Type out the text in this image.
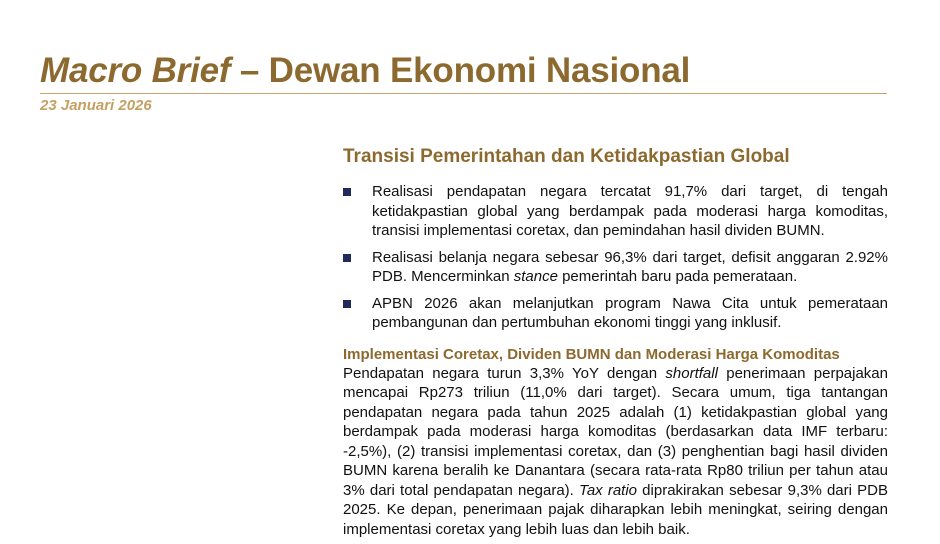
Macro Brief – Dewan Ekonomi Nasional
23 Januari 2026
Transisi Pemerintahan dan Ketidakpastian Global
Realisasi pendapatan negara tercatat 91,7% dari target, di tengah ketidakpastian global yang berdampak pada moderasi harga komoditas, transisi implementasi coretax, dan pemindahan hasil dividen BUMN.
Realisasi belanja negara sebesar 96,3% dari target, defisit anggaran 2.92% PDB. Mencerminkan stance pemerintah baru pada pemerataan.
APBN 2026 akan melanjutkan program Nawa Cita untuk pemerataan pembangunan dan pertumbuhan ekonomi tinggi yang inklusif.
Implementasi Coretax, Dividen BUMN dan Moderasi Harga Komoditas

Pendapatan negara turun 3,3% YoY dengan shortfall penerimaan perpajakan mencapai Rp273 triliun (11,0% dari target). Secara umum, tiga tantangan pendapatan negara pada tahun 2025 adalah (1) ketidakpastian global yang berdampak pada moderasi harga komoditas (berdasarkan data IMF terbaru: -2,5%), (2) transisi implementasi coretax, dan (3) penghentian bagi hasil dividen BUMN karena beralih ke Danantara (secara rata-rata Rp80 triliun per tahun atau 3% dari total pendapatan negara). Tax ratio diprakirakan sebesar 9,3% dari PDB 2025. Ke depan, penerimaan pajak diharapkan lebih meningkat, seiring dengan implementasi coretax yang lebih luas dan lebih baik.
